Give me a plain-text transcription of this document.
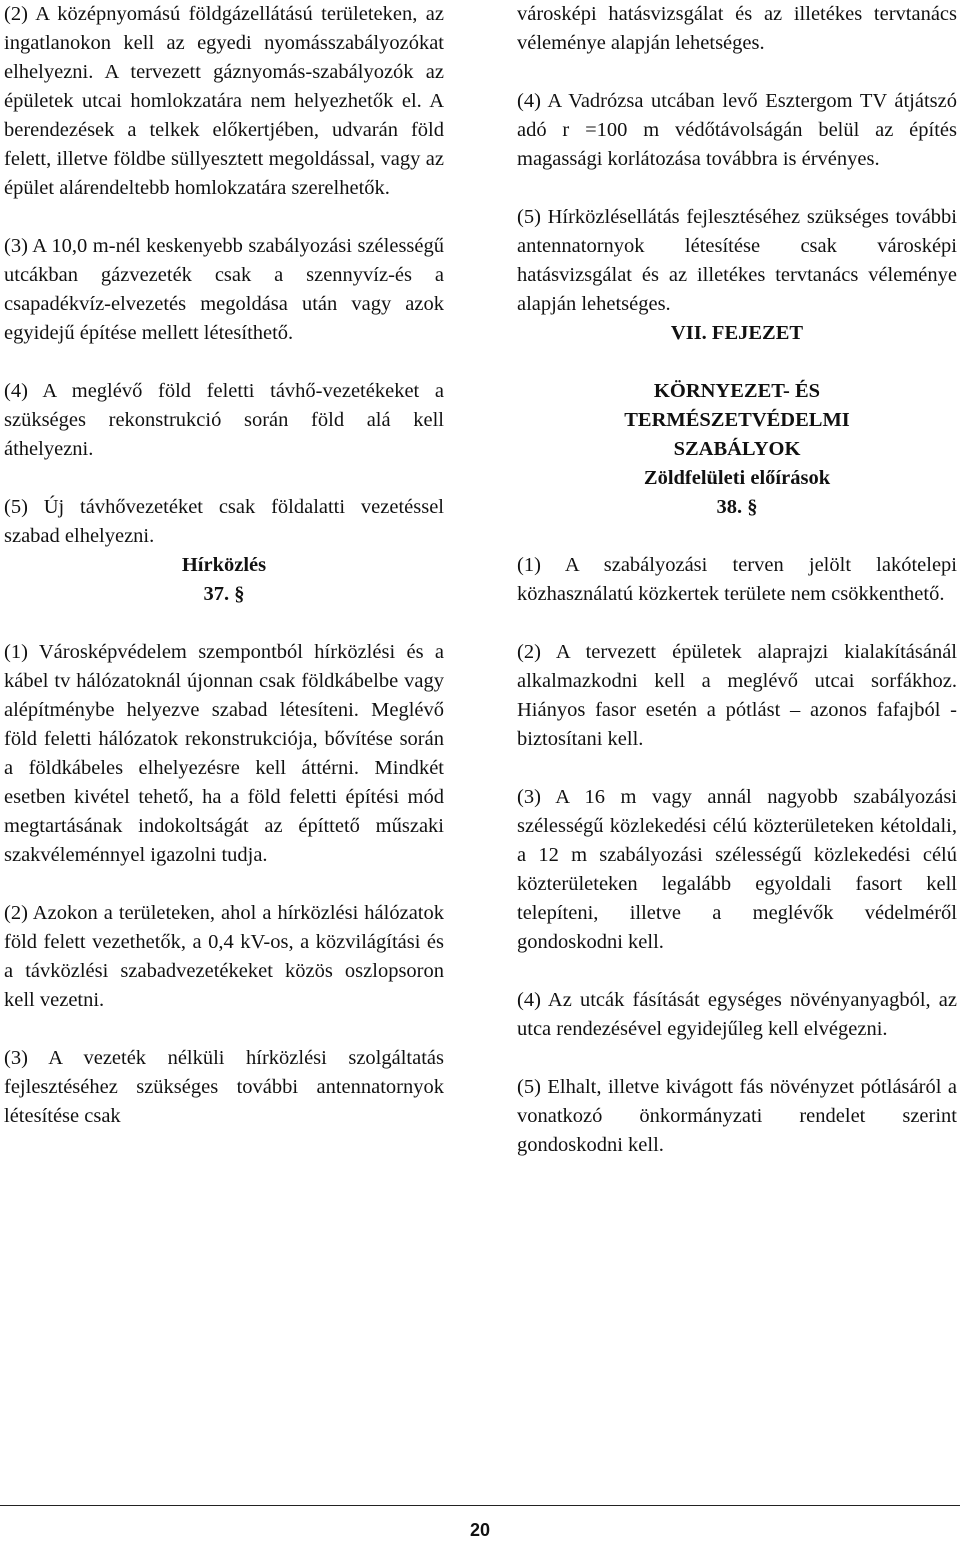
(2) A középnyomású földgázellátású területeken, az ingatlanokon kell az egyedi nyomásszabályozókat elhelyezni. A tervezett gáznyomás-szabályozók az épületek utcai homlokzatára nem helyezhetők el. A berendezések a telkek előkertjében, udvarán föld felett, illetve földbe süllyesztett megoldással, vagy az épület alárendeltebb homlokzatára szerelhetők.

(3) A 10,0 m-nél keskenyebb szabályozási szélességű utcákban gázvezeték csak a szennyvíz-és a csapadékvíz-elvezetés megoldása után vagy azok egyidejű építése mellett létesíthető.

(4) A meglévő föld feletti távhő-vezetékeket a szükséges rekonstrukció során föld alá kell áthelyezni.

(5) Új távhővezetéket csak földalatti vezetéssel szabad elhelyezni.

Hírközlés

37. §

(1) Városképvédelem szempontból hírközlési és a kábel tv hálózatoknál újonnan csak földkábelbe vagy alépítménybe helyezve szabad létesíteni. Meglévő föld feletti hálózatok rekonstrukciója, bővítése során a földkábeles elhelyezésre kell áttérni. Mindkét esetben kivétel tehető, ha a föld feletti építési mód megtartásának indokoltságát az építtető műszaki szakvéleménnyel igazolni tudja.

(2) Azokon a területeken, ahol a hírközlési hálózatok föld felett vezethetők, a 0,4 kV-os, a közvilágítási és a távközlési szabadvezetékeket közös oszlopsoron kell vezetni.

(3) A vezeték nélküli hírközlési szolgáltatás fejlesztéséhez szükséges további antennatornyok létesítése csak

városképi hatásvizsgálat és az illetékes tervtanács véleménye alapján lehetséges.

(4) A Vadrózsa utcában levő Esztergom TV átjátszó adó r =100 m védőtávolságán belül az építés magassági korlátozása továbbra is érvényes.

(5) Hírközlésellátás fejlesztéséhez szükséges további antennatornyok létesítése csak városképi hatásvizsgálat és az illetékes tervtanács véleménye alapján lehetséges.

VII. FEJEZET

KÖRNYEZET- ÉS

TERMÉSZETVÉDELMI

SZABÁLYOK

Zöldfelületi előírások

38. §

(1) A szabályozási terven jelölt lakótelepi közhasználatú közkertek területe nem csökkenthető.

(2) A tervezett épületek alaprajzi kialakításánál alkalmazkodni kell a meglévő utcai sorfákhoz. Hiányos fasor esetén a pótlást – azonos fafajból - biztosítani kell.

(3) A 16 m vagy annál nagyobb szabályozási szélességű közlekedési célú közterületeken kétoldali, a 12 m szabályozási szélességű közlekedési célú közterületeken legalább egyoldali fasort kell telepíteni, illetve a meglévők védelméről gondoskodni kell.

(4) Az utcák fásítását egységes növényanyagból, az utca rendezésével egyidejűleg kell elvégezni.

(5) Elhalt, illetve kivágott fás növényzet pótlásáról a vonatkozó önkormányzati rendelet szerint gondoskodni kell.

20
